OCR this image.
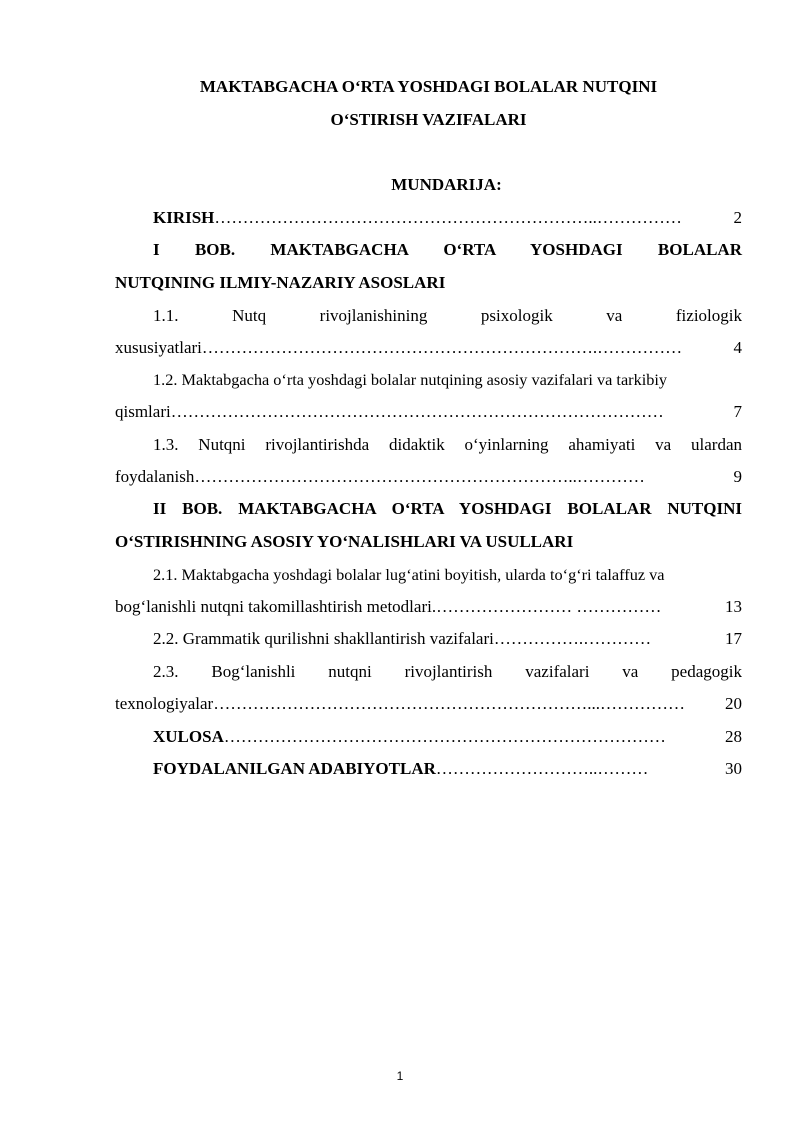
MAKTABGACHA O‘RTA YOSHDAGI BOLALAR NUTQINI
O‘STIRISH VAZIFALARI
MUNDARIJA:
KIRISH …………………………………………………………..……………	2
I BOB. MAKTABGACHA O‘RTA YOSHDAGI BOLALAR
NUTQINING ILMIY-NAZARIY ASOSLARI
1.1. Nutq rivojlanishining psixologik va fiziologik
xususiyatlari …………………………………………………………….……………	4
1.2. Maktabgacha o‘rta yoshdagi bolalar nutqining asosiy vazifalari va tarkibiy
qismlari ……………………………………………………………………………	7
1.3. Nutqni rivojlantirishda didaktik o‘yinlarning ahamiyati va ulardan
foydalanish …………………………………………………………..…………	9
II BOB. MAKTABGACHA O‘RTA YOSHDAGI BOLALAR NUTQINI
O‘STIRISHNING ASOSIY YO‘NALISHLARI VA USULLARI
2.1. Maktabgacha yoshdagi bolalar lug‘atini boyitish, ularda to‘g‘ri talaffuz va
bog‘lanishli nutqni takomillashtirish metodlari. …………………… ……………	13
2.2. Grammatik qurilishni shakllantirish vazifalari …………….…………	17
2.3. Bog‘lanishli nutqni rivojlantirish vazifalari va pedagogik
texnologiyalar …………………………………………………………...……………	20
XULOSA ……………………………………………………………………	28
FOYDALANILGAN ADABIYOTLAR ………………………..………	30
1
